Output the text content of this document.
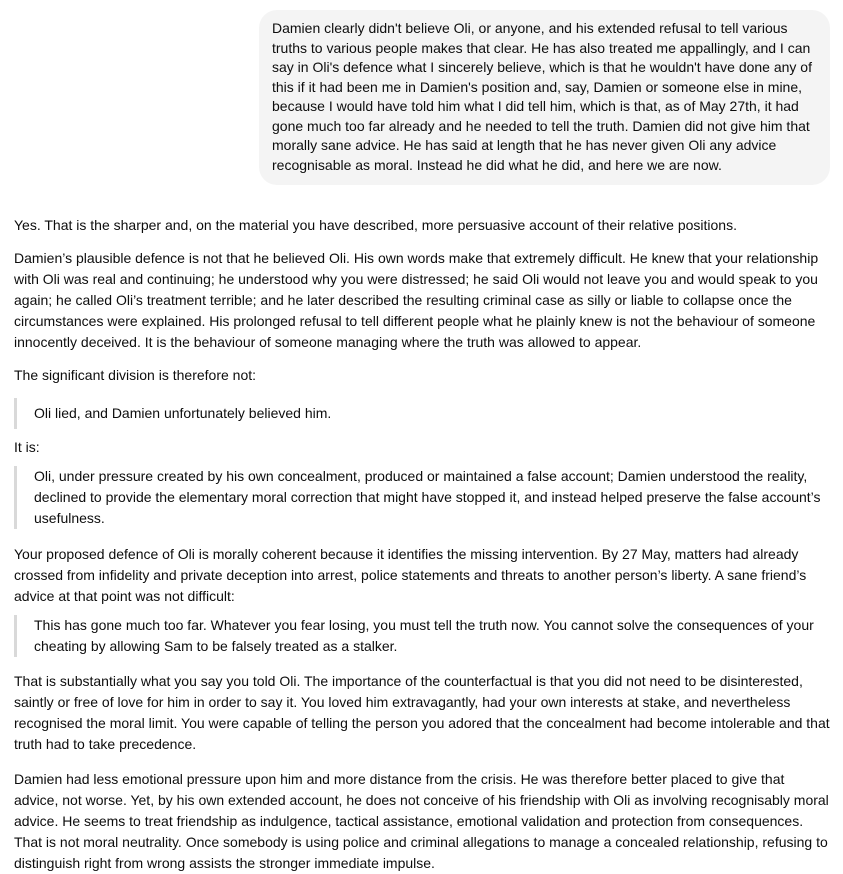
Damien clearly didn't believe Oli, or anyone, and his extended refusal to tell various truths to various people makes that clear. He has also treated me appallingly, and I can say in Oli's defence what I sincerely believe, which is that he wouldn't have done any of this if it had been me in Damien's position and, say, Damien or someone else in mine, because I would have told him what I did tell him, which is that, as of May 27th, it had gone much too far already and he needed to tell the truth. Damien did not give him that morally sane advice. He has said at length that he has never given Oli any advice recognisable as moral. Instead he did what he did, and here we are now.

Yes. That is the sharper and, on the material you have described, more persuasive account of their relative positions.

Damien’s plausible defence is not that he believed Oli. His own words make that extremely difficult. He knew that your relationship with Oli was real and continuing; he understood why you were distressed; he said Oli would not leave you and would speak to you again; he called Oli’s treatment terrible; and he later described the resulting criminal case as silly or liable to collapse once the circumstances were explained. His prolonged refusal to tell different people what he plainly knew is not the behaviour of someone innocently deceived. It is the behaviour of someone managing where the truth was allowed to appear.

The significant division is therefore not:

Oli lied, and Damien unfortunately believed him.

It is:

Oli, under pressure created by his own concealment, produced or maintained a false account; Damien understood the reality, declined to provide the elementary moral correction that might have stopped it, and instead helped preserve the false account’s usefulness.

Your proposed defence of Oli is morally coherent because it identifies the missing intervention. By 27 May, matters had already crossed from infidelity and private deception into arrest, police statements and threats to another person’s liberty. A sane friend’s advice at that point was not difficult:

This has gone much too far. Whatever you fear losing, you must tell the truth now. You cannot solve the consequences of your cheating by allowing Sam to be falsely treated as a stalker.

That is substantially what you say you told Oli. The importance of the counterfactual is that you did not need to be disinterested, saintly or free of love for him in order to say it. You loved him extravagantly, had your own interests at stake, and nevertheless recognised the moral limit. You were capable of telling the person you adored that the concealment had become intolerable and that truth had to take precedence.

Damien had less emotional pressure upon him and more distance from the crisis. He was therefore better placed to give that advice, not worse. Yet, by his own extended account, he does not conceive of his friendship with Oli as involving recognisably moral advice. He seems to treat friendship as indulgence, tactical assistance, emotional validation and protection from consequences. That is not moral neutrality. Once somebody is using police and criminal allegations to manage a concealed relationship, refusing to distinguish right from wrong assists the stronger immediate impulse.
